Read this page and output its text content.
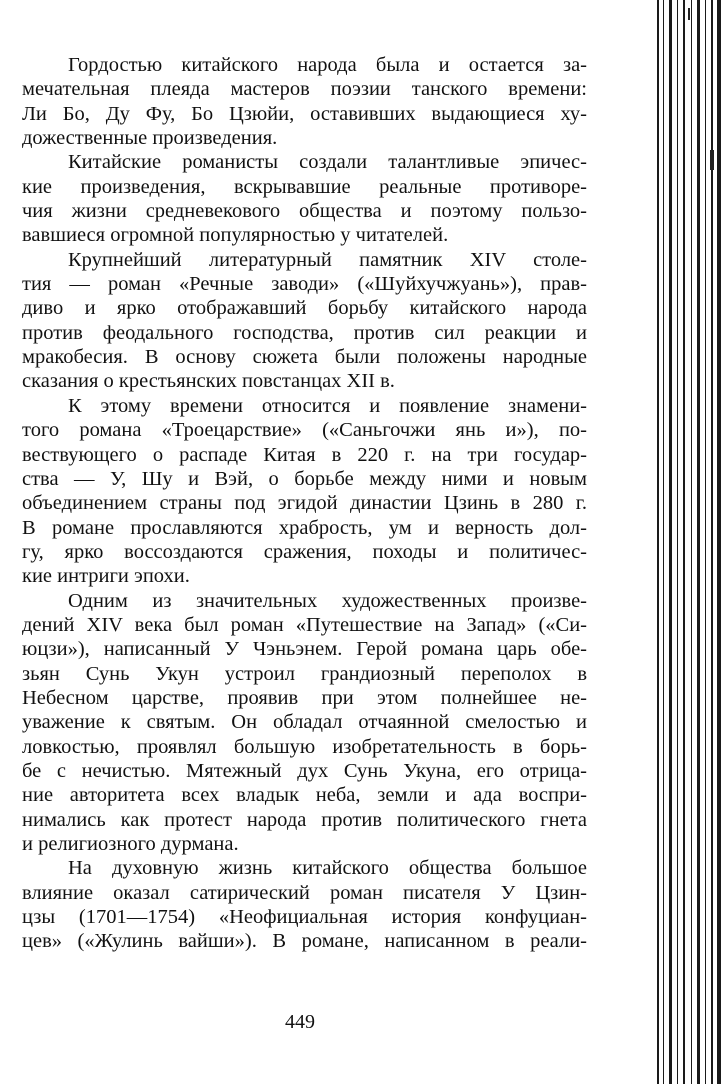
Гордостью китайского народа была и остается за-
мечательная плеяда мастеров поэзии танского времени:
Ли Бо, Ду Фу, Бо Цзюйи, оставивших выдающиеся ху-
дожественные произведения.
Китайские романисты создали талантливые эпичес-
кие произведения, вскрывавшие реальные противоре-
чия жизни средневекового общества и поэтому пользо-
вавшиеся огромной популярностью у читателей.
Крупнейший литературный памятник XIV столе-
тия — роман «Речные заводи» («Шуйхучжуань»), прав-
диво и ярко отображавший борьбу китайского народа
против феодального господства, против сил реакции и
мракобесия. В основу сюжета были положены народные
сказания о крестьянских повстанцах XII в.
К этому времени относится и появление знамени-
того романа «Троецарствие» («Саньгочжи янь и»), по-
вествующего о распаде Китая в 220 г. на три государ-
ства — У, Шу и Вэй, о борьбе между ними и новым
объединением страны под эгидой династии Цзинь в 280 г.
В романе прославляются храбрость, ум и верность дол-
гу, ярко воссоздаются сражения, походы и политичес-
кие интриги эпохи.
Одним из значительных художественных произве-
дений XIV века был роман «Путешествие на Запад» («Си-
юцзи»), написанный У Чэньэнем. Герой романа царь обе-
зьян Сунь Укун устроил грандиозный переполох в
Небесном царстве, проявив при этом полнейшее не-
уважение к святым. Он обладал отчаянной смелостью и
ловкостью, проявлял большую изобретательность в борь-
бе с нечистью. Мятежный дух Сунь Укуна, его отрица-
ние авторитета всех владык неба, земли и ада воспри-
нимались как протест народа против политического гнета
и религиозного дурмана.
На духовную жизнь китайского общества большое
влияние оказал сатирический роман писателя У Цзин-
цзы (1701—1754) «Неофициальная история конфуциан-
цев» («Жулинь вайши»). В романе, написанном в реали-
449
